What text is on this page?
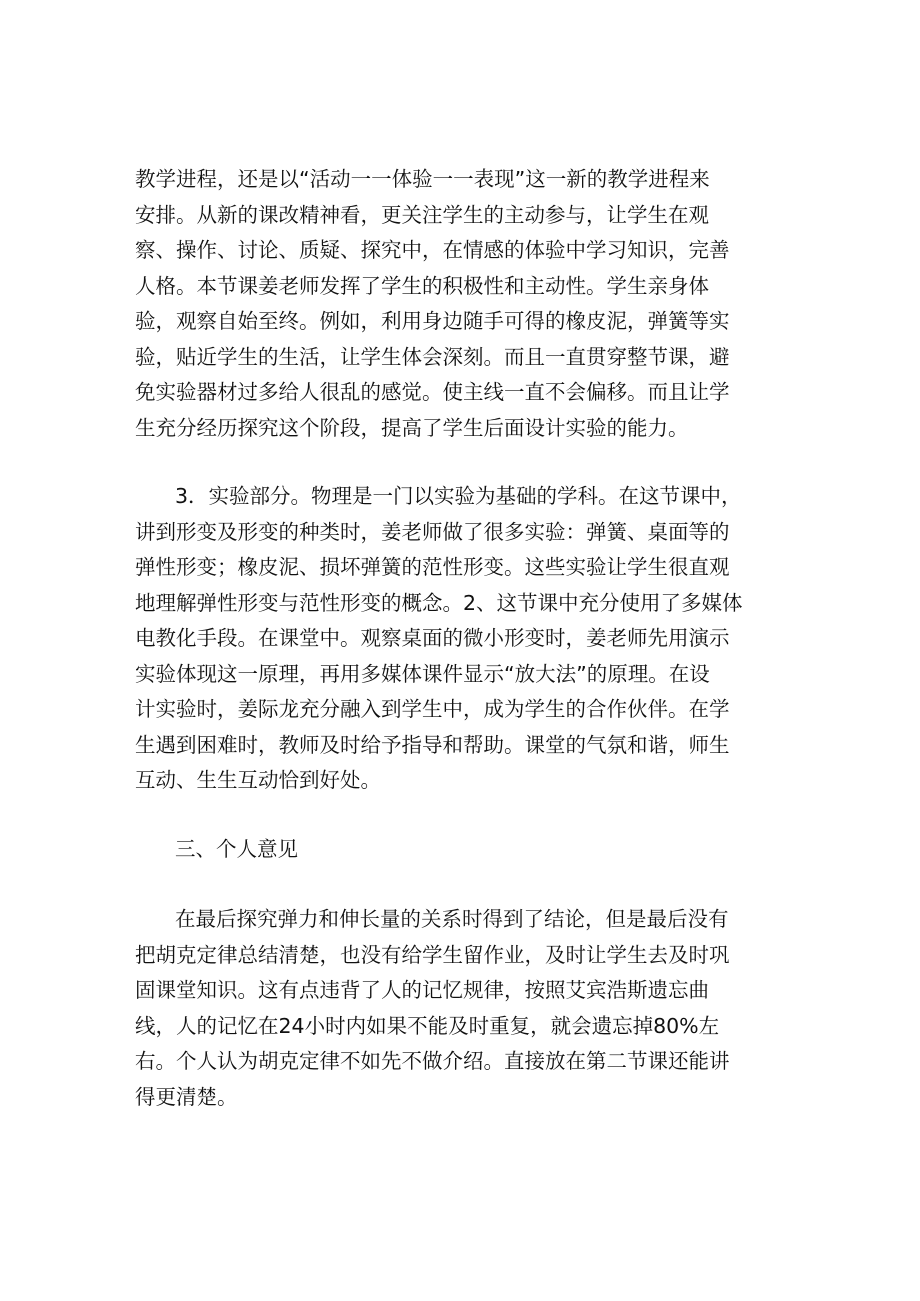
教学进程，还是以“活动一一体验一一表现”这一新的教学进程来

安排。从新的课改精神看，更关注学生的主动参与，让学生在观

察、操作、讨论、质疑、探究中，在情感的体验中学习知识，完善

人格。本节课姜老师发挥了学生的积极性和主动性。学生亲身体

验，观察自始至终。例如，利用身边随手可得的橡皮泥，弹簧等实

验，贴近学生的生活，让学生体会深刻。而且一直贯穿整节课，避

免实验器材过多给人很乱的感觉。使主线一直不会偏移。而且让学

生充分经历探究这个阶段，提高了学生后面设计实验的能力。

3．实验部分。物理是一门以实验为基础的学科。在这节课中，

讲到形变及形变的种类时，姜老师做了很多实验：弹簧、桌面等的

弹性形变；橡皮泥、损坏弹簧的范性形变。这些实验让学生很直观

地理解弹性形变与范性形变的概念。2、这节课中充分使用了多媒体

电教化手段。在课堂中。观察桌面的微小形变时，姜老师先用演示

实验体现这一原理，再用多媒体课件显示“放大法”的原理。在设

计实验时，姜际龙充分融入到学生中，成为学生的合作伙伴。在学

生遇到困难时，教师及时给予指导和帮助。课堂的气氛和谐，师生

互动、生生互动恰到好处。

三、个人意见

在最后探究弹力和伸长量的关系时得到了结论，但是最后没有

把胡克定律总结清楚，也没有给学生留作业，及时让学生去及时巩

固课堂知识。这有点违背了人的记忆规律，按照艾宾浩斯遗忘曲

线，人的记忆在24小时内如果不能及时重复，就会遗忘掉80%左

右。个人认为胡克定律不如先不做介绍。直接放在第二节课还能讲

得更清楚。
